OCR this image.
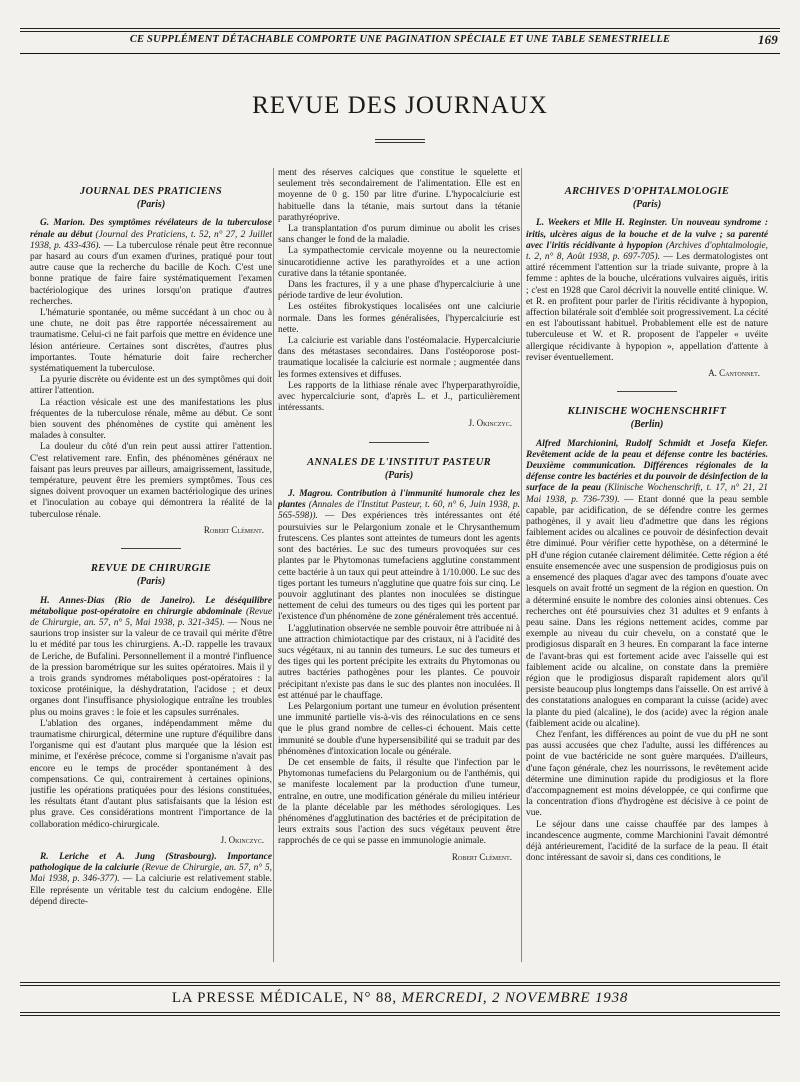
CE SUPPLÉMENT DÉTACHABLE COMPORTE UNE PAGINATION SPÉCIALE ET UNE TABLE SEMESTRIELLE	169
REVUE DES JOURNAUX
JOURNAL DES PRATICIENS
(Paris)

G. Marion. Des symptômes révélateurs de la tuberculose rénale au début (Journal des Praticiens, t. 52, n° 27, 2 Juillet 1938, p. 433-436). — La tuberculose rénale peut être reconnue par hasard au cours d'un examen d'urines, pratiqué pour tout autre cause que la recherche du bacille de Koch. C'est une bonne pratique de faire faire systématiquement l'examen bactériologique des urines lorsqu'on pratique d'autres recherches.

L'hématurie spontanée, ou même succédant à un choc ou à une chute, ne doit pas être rapportée nécessairement au traumatisme. Celui-ci ne fait parfois que mettre en évidence une lésion antérieure. Certaines sont discrètes, d'autres plus importantes. Toute hématurie doit faire rechercher systématiquement la tuberculose.

La pyurie discrète ou évidente est un des symptômes qui doit attirer l'attention.

La réaction vésicale est une des manifestations les plus fréquentes de la tuberculose rénale, même au début. Ce sont bien souvent des phénomènes de cystite qui amènent les malades à consulter.

La douleur du côté d'un rein peut aussi attirer l'attention. C'est relativement rare. Enfin, des phénomènes généraux ne faisant pas leurs preuves par ailleurs, amaigrissement, lassitude, température, peuvent être les premiers symptômes. Tous ces signes doivent provoquer un examen bactériologique des urines et l'inoculation au cobaye qui démontrera la réalité de la tuberculose rénale.

Robert Clément.

REVUE DE CHIRURGIE
(Paris)

H. Annes-Dias (Rio de Janeiro). Le déséquilibre métabolique post-opératoire en chirurgie abdominale (Revue de Chirurgie, an. 57, n° 5, Mai 1938, p. 321-345). — Nous ne saurions trop insister sur la valeur de ce travail qui mérite d'être lu et médité par tous les chirurgiens. A.-D. rappelle les travaux de Leriche, de Bufalini. Personnellement il a montré l'influence de la pression barométrique sur les suites opératoires. Mais il y a trois grands syndromes métaboliques post-opératoires : la toxicose protéinique, la déshydratation, l'acidose ; et deux organes dont l'insuffisance physiologique entraîne les troubles plus ou moins graves : le foie et les capsules surrénales.

L'ablation des organes, indépendamment même du traumatisme chirurgical, détermine une rupture d'équilibre dans l'organisme qui est d'autant plus marquée que la lésion est minime, et l'exérèse précoce, comme si l'organisme n'avait pas encore eu le temps de procéder spontanément à des compensations. Ce qui, contrairement à certaines opinions, justifie les opérations pratiquées pour des lésions constituées, les résultats étant d'autant plus satisfaisants que la lésion est plus grave. Ces considérations montrent l'importance de la collaboration médico-chirurgicale.

J. Okinczyc.

R. Leriche et A. Jung (Strasbourg). Importance pathologique de la calciurie (Revue de Chirurgie, an. 57, n° 5, Mai 1938, p. 346-377). — La calciurie est relativement stable. Elle représente un véritable test du calcium endogène. Elle dépend directe-

ment des réserves calciques que constitue le squelette et seulement très secondairement de l'alimentation. Elle est en moyenne de 0 g. 150 par litre d'urine. L'hypocalciurie est habituelle dans la tétanie, mais surtout dans la tétanie parathyréoprive.

La transplantation d'os purum diminue ou abolit les crises sans changer le fond de la maladie.

La sympathectomie cervicale moyenne ou la neurectomie sinucarotidienne active les parathyroïdes et a une action curative dans la tétanie spontanée.

Dans les fractures, il y a une phase d'hypercalciurie à une période tardive de leur évolution.

Les ostéites fibrokystiques localisées ont une calciurie normale. Dans les formes généralisées, l'hypercalciurie est nette.

La calciurie est variable dans l'ostéomalacie. Hypercalciurie dans des métastases secondaires. Dans l'ostéoporose post-traumatique localisée la calciurie est normale ; augmentée dans les formes extensives et diffuses.

Les rapports de la lithiase rénale avec l'hyperparathyroïdie, avec hypercalciurie sont, d'après L. et J., particulièrement intéressants.

J. Okinczyc.

ANNALES DE L'INSTITUT PASTEUR
(Paris)

J. Magrou. Contribution à l'immunité humorale chez les plantes (Annales de l'Institut Pasteur, t. 60, n° 6, Juin 1938, p. 565-598)). — Des expériences très intéressantes ont été poursuivies sur le Pelargonium zonale et le Chrysanthemum frutescens. Ces plantes sont atteintes de tumeurs dont les agents sont des bactéries. Le suc des tumeurs provoquées sur ces plantes par le Phytomonas tumefaciens agglutine constamment cette bactérie à un taux qui peut atteindre à 1/10.000. Le suc des tiges portant les tumeurs n'agglutine que quatre fois sur cinq. Le pouvoir agglutinant des plantes non inoculées se distingue nettement de celui des tumeurs ou des tiges qui les portent par l'existence d'un phénomène de zone généralement très accentué.

L'agglutination observée ne semble pouvoir être attribuée ni à une attraction chimiotactique par des cristaux, ni à l'acidité des sucs végétaux, ni au tannin des tumeurs. Le suc des tumeurs et des tiges qui les portent précipite les extraits du Phytomonas ou autres bactéries pathogènes pour les plantes. Ce pouvoir précipitant n'existe pas dans le suc des plantes non inoculées. Il est atténué par le chauffage.

Les Pelargonium portant une tumeur en évolution présentent une immunité partielle vis-à-vis des réinoculations en ce sens que le plus grand nombre de celles-ci échouent. Mais cette immunité se double d'une hypersensibilité qui se traduit par des phénomènes d'intoxication locale ou générale.

De cet ensemble de faits, il résulte que l'infection par le Phytomonas tumefaciens du Pelargonium ou de l'anthémis, qui se manifeste localement par la production d'une tumeur, entraîne, en outre, une modification générale du milieu intérieur de la plante décelable par les méthodes sérologiques. Les phénomènes d'agglutination des bactéries et de précipitation de leurs extraits sous l'action des sucs végétaux peuvent être rapprochés de ce qui se passe en immunologie animale.

Robert Clément.

ARCHIVES D'OPHTALMOLOGIE
(Paris)

L. Weekers et Mlle H. Reginster. Un nouveau syndrome : iritis, ulcères aigus de la bouche et de la vulve ; sa parenté avec l'iritis récidivante à hypopion (Archives d'ophtalmologie, t. 2, n° 8, Août 1938, p. 697-705). — Les dermatologistes ont attiré récemment l'attention sur la triade suivante, propre à la femme : aphtes de la bouche, ulcérations vulvaires aiguës, iritis ; c'est en 1928 que Carol décrivit la nouvelle entité clinique. W. et R. en profitent pour parler de l'iritis récidivante à hypopion, affection bilatérale soit d'emblée soit progressivement. La cécité en est l'aboutissant habituel. Probablement elle est de nature tuberculeuse et W. et R. proposent de l'appeler « uvéite allergique récidivante à hypopion », appellation d'attente à reviser éventuellement.

A. Cantonnet.

KLINISCHE WOCHENSCHRIFT
(Berlin)

Alfred Marchionini, Rudolf Schmidt et Josefa Kiefer. Revêtement acide de la peau et défense contre les bactéries. Deuxième communication. Différences régionales de la défense contre les bactéries et du pouvoir de désinfection de la surface de la peau (Klinische Wochenschrift, t. 17, n° 21, 21 Mai 1938, p. 736-739). — Etant donné que la peau semble capable, par acidification, de se défendre contre les germes pathogènes, il y avait lieu d'admettre que dans les régions faiblement acides ou alcalines ce pouvoir de désinfection devait être diminué. Pour vérifier cette hypothèse, on a déterminé le pH d'une région cutanée clairement délimitée. Cette région a été ensuite ensemencée avec une suspension de prodigiosus puis on a ensemencé des plaques d'agar avec des tampons d'ouate avec lesquels on avait frotté un segment de la région en question. On a déterminé ensuite le nombre des colonies ainsi obtenues. Ces recherches ont été poursuivies chez 31 adultes et 9 enfants à peau saine. Dans les régions nettement acides, comme par exemple au niveau du cuir chevelu, on a constaté que le prodigiosus disparaît en 3 heures. En comparant la face interne de l'avant-bras qui est fortement acide avec l'aisselle qui est faiblement acide ou alcaline, on constate dans la première région que le prodigiosus disparaît rapidement alors qu'il persiste beaucoup plus longtemps dans l'aisselle. On est arrivé à des constatations analogues en comparant la cuisse (acide) avec la plante du pied (alcaline), le dos (acide) avec la région anale (faiblement acide ou alcaline).

Chez l'enfant, les différences au point de vue du pH ne sont pas aussi accusées que chez l'adulte, aussi les différences au point de vue bactéricide ne sont guère marquées. D'ailleurs, d'une façon générale, chez les nourrissons, le revêtement acide détermine une diminution rapide du prodigiosus et la flore d'accompagnement est moins développée, ce qui confirme que la concentration d'ions d'hydrogène est décisive à ce point de vue.

Le séjour dans une caisse chauffée par des lampes à incandescence augmente, comme Marchionini l'avait démontré déjà antérieurement, l'acidité de la surface de la peau. Il était donc intéressant de savoir si, dans ces conditions, le

LA PRESSE MÉDICALE, N° 88, MERCREDI, 2 NOVEMBRE 1938
